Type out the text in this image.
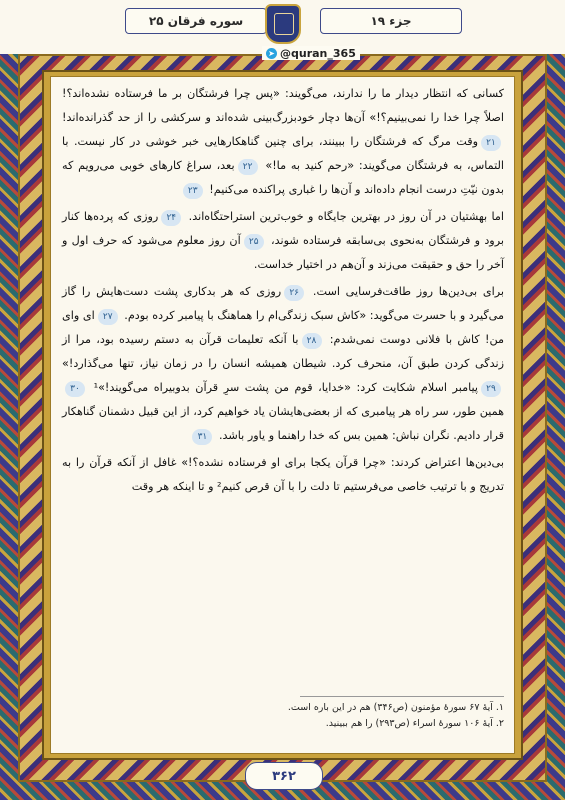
سوره فرقان ۲۵	جزء ۱۹
➤ @quran_365

کسانی که انتظار دیدار ما را ندارند، می‌گویند: «پس چرا فرشتگان بر ما فرستاده نشده‌اند؟! اصلاً چرا خدا را نمی‌بینیم؟!» آن‌ها دچار خودبزرگ‌بینی شده‌اند و سرکشی را از حد گذرانده‌اند! ۲۱وقت مرگ که فرشتگان را ببینند، برای چنین گناهکارهایی خبر خوشی در کار نیست. با التماس، به فرشتگان می‌گویند: «رحم کنید به ما!» ۲۲بعد، سراغ کارهای خوبی می‌رویم که بدون نیّتِ درست انجام داده‌اند و آن‌ها را غباری پراکنده می‌کنیم! ۲۳

اما بهشتیان در آن روز در بهترین جایگاه و خوب‌ترین استراحتگاه‌اند. ۲۴روزی که پرده‌ها کنار برود و فرشتگان به‌نحوی بی‌سابقه فرستاده شوند، ۲۵آن روز معلوم می‌شود که حرف اول و آخر را حق و حقیقت می‌زند و آن‌هم در اختیار خداست.

برای بی‌دین‌ها روز طاقت‌فرسایی است. ۲۶روزی که هر بدکاری پشت دست‌هایش را گاز می‌گیرد و با حسرت می‌گوید: «کاش سبک زندگی‌ام را هماهنگ با پیامبر کرده بودم. ۲۷ای وای من! کاش با فلانی دوست نمی‌شدم: ۲۸با آنکه تعلیمات قرآن به دستم رسیده بود، مرا از زندگی کردن طبق آن، منحرف کرد. شیطان همیشه انسان را در زمان نیاز، تنها می‌گذارد!» ۲۹پیامبر اسلام شکایت کرد: «خدایا، قوم من پشت سرِ قرآن بدوبیراه می‌گویند!»¹ ۳۰همین طور، سر راه هر پیامبری که از بعضی‌هایشان یاد خواهیم کرد، از این قبیل دشمنان گناهکار قرار دادیم. نگران نباش: همین بس که خدا راهنما و یاور باشد. ۳۱

بی‌دین‌ها اعتراض کردند: «چرا قرآن یکجا برای او فرستاده نشده؟!» غافل از آنکه قرآن را به تدریج و با ترتیب خاصی می‌فرستیم تا دلت را با آن قرص کنیم² و تا اینکه هر وقت

۱. آیهٔ ۶۷ سورهٔ مؤمنون (ص۳۴۶) هم در این باره است.
۲. آیهٔ ۱۰۶ سورهٔ اسراء (ص۲۹۳) را هم ببینید.
۳۶۲
